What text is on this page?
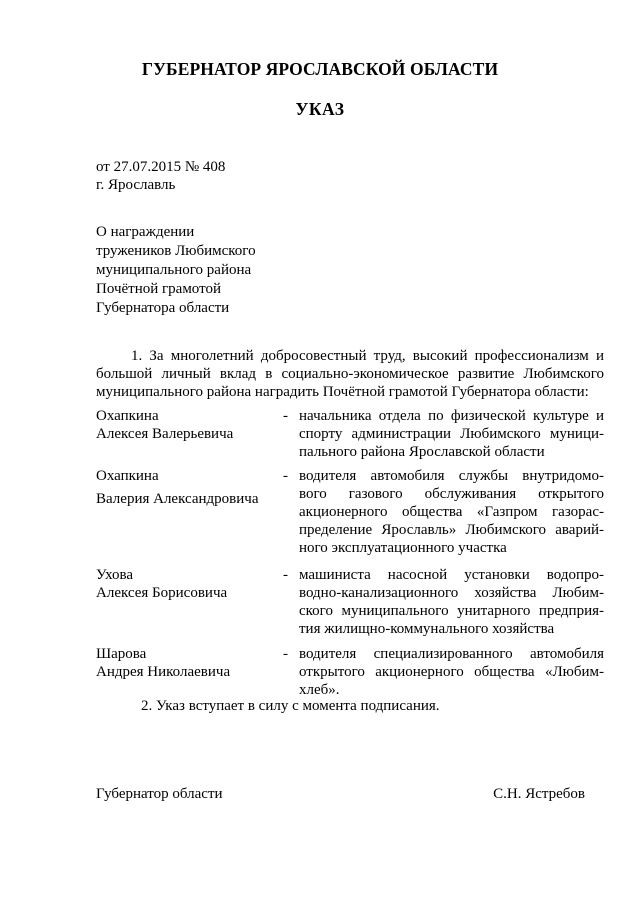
ГУБЕРНАТОР ЯРОСЛАВСКОЙ ОБЛАСТИ
УКАЗ
от 27.07.2015 № 408
г. Ярославль
О награждении
тружеников Любимского
муниципального района
Почётной грамотой
Губернатора области
1. За многолетний добросовестный труд, высокий профессионализм и большой личный вклад в социально-экономическое развитие Любимского муниципального района наградить Почётной грамотой Губернатора области:
Охапкина
Алексея Валерьевича
- начальника отдела по физической культуре и
спорту администрации Любимского муници-
пального района Ярославской области
Охапкина
Валерия Александровича
- водителя автомобиля службы внутридомо-
вого газового обслуживания открытого
акционерного общества «Газпром газорас-
пределение Ярославль» Любимского аварий-
ного эксплуатационного участка
Ухова
Алексея Борисовича
- машиниста насосной установки водопро-
водно-канализационного хозяйства Любим-
ского муниципального унитарного предприя-
тия жилищно-коммунального хозяйства
Шарова
Андрея Николаевича
- водителя специализированного автомобиля
открытого акционерного общества «Любим-
хлеб».
2. Указ вступает в силу с момента подписания.
Губернатор области	С.Н. Ястребов
